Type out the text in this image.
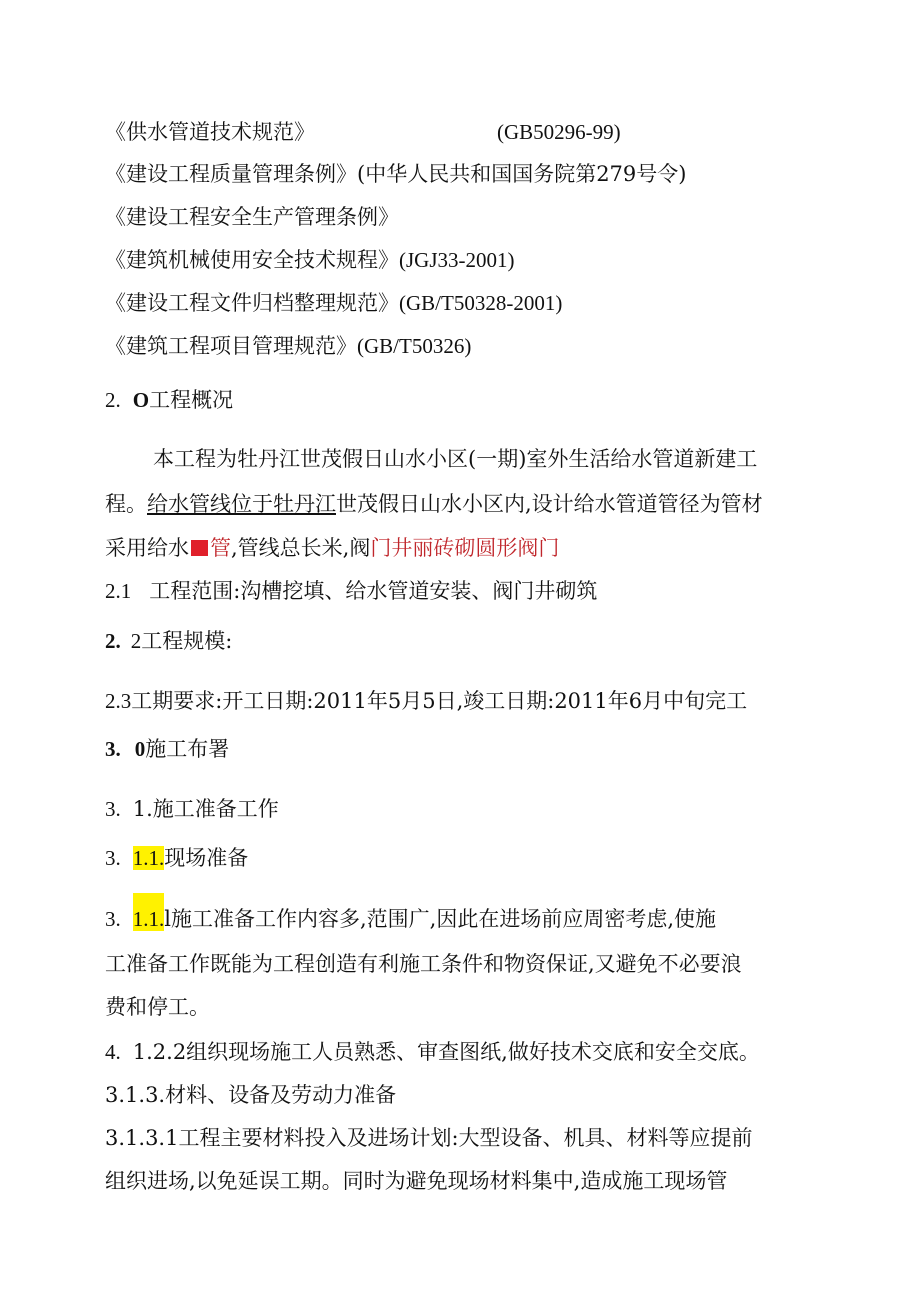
《供水管道技术规范》	(GB50296-99)
《建设工程质量管理条例》(中华人民共和国国务院第279号令)
《建设工程安全生产管理条例》
《建筑机械使用安全技术规程》(JGJ33-2001)
《建设工程文件归档整理规范》(GB/T50328-2001)
《建筑工程项目管理规范》(GB/T50326)
2. O工程概况
本工程为牡丹江世茂假日山水小区(一期)室外生活给水管道新建工
程。给水管线位于牡丹江世茂假日山水小区内,设计给水管道管径为管材
采用给水 管,管线总长米,阀门井丽砖砌圆形阀门
2.1 工程范围:沟槽挖填、给水管道安装、阀门井砌筑
2. 2工程规模:
2.3工期要求:开工日期:2011年5月5日,竣工日期:2011年6月中旬完工
3. 0施工布署
3. 1.施工准备工作
3. 1.1.现场准备
3. 1.1.l施工准备工作内容多,范围广,因此在进场前应周密考虑,使施
工准备工作既能为工程创造有利施工条件和物资保证,又避免不必要浪
费和停工。
4. 1.2.2组织现场施工人员熟悉、审查图纸,做好技术交底和安全交底。
3.1.3.材料、设备及劳动力准备
3.1.3.1工程主要材料投入及进场计划:大型设备、机具、材料等应提前
组织进场,以免延误工期。同时为避免现场材料集中,造成施工现场管
